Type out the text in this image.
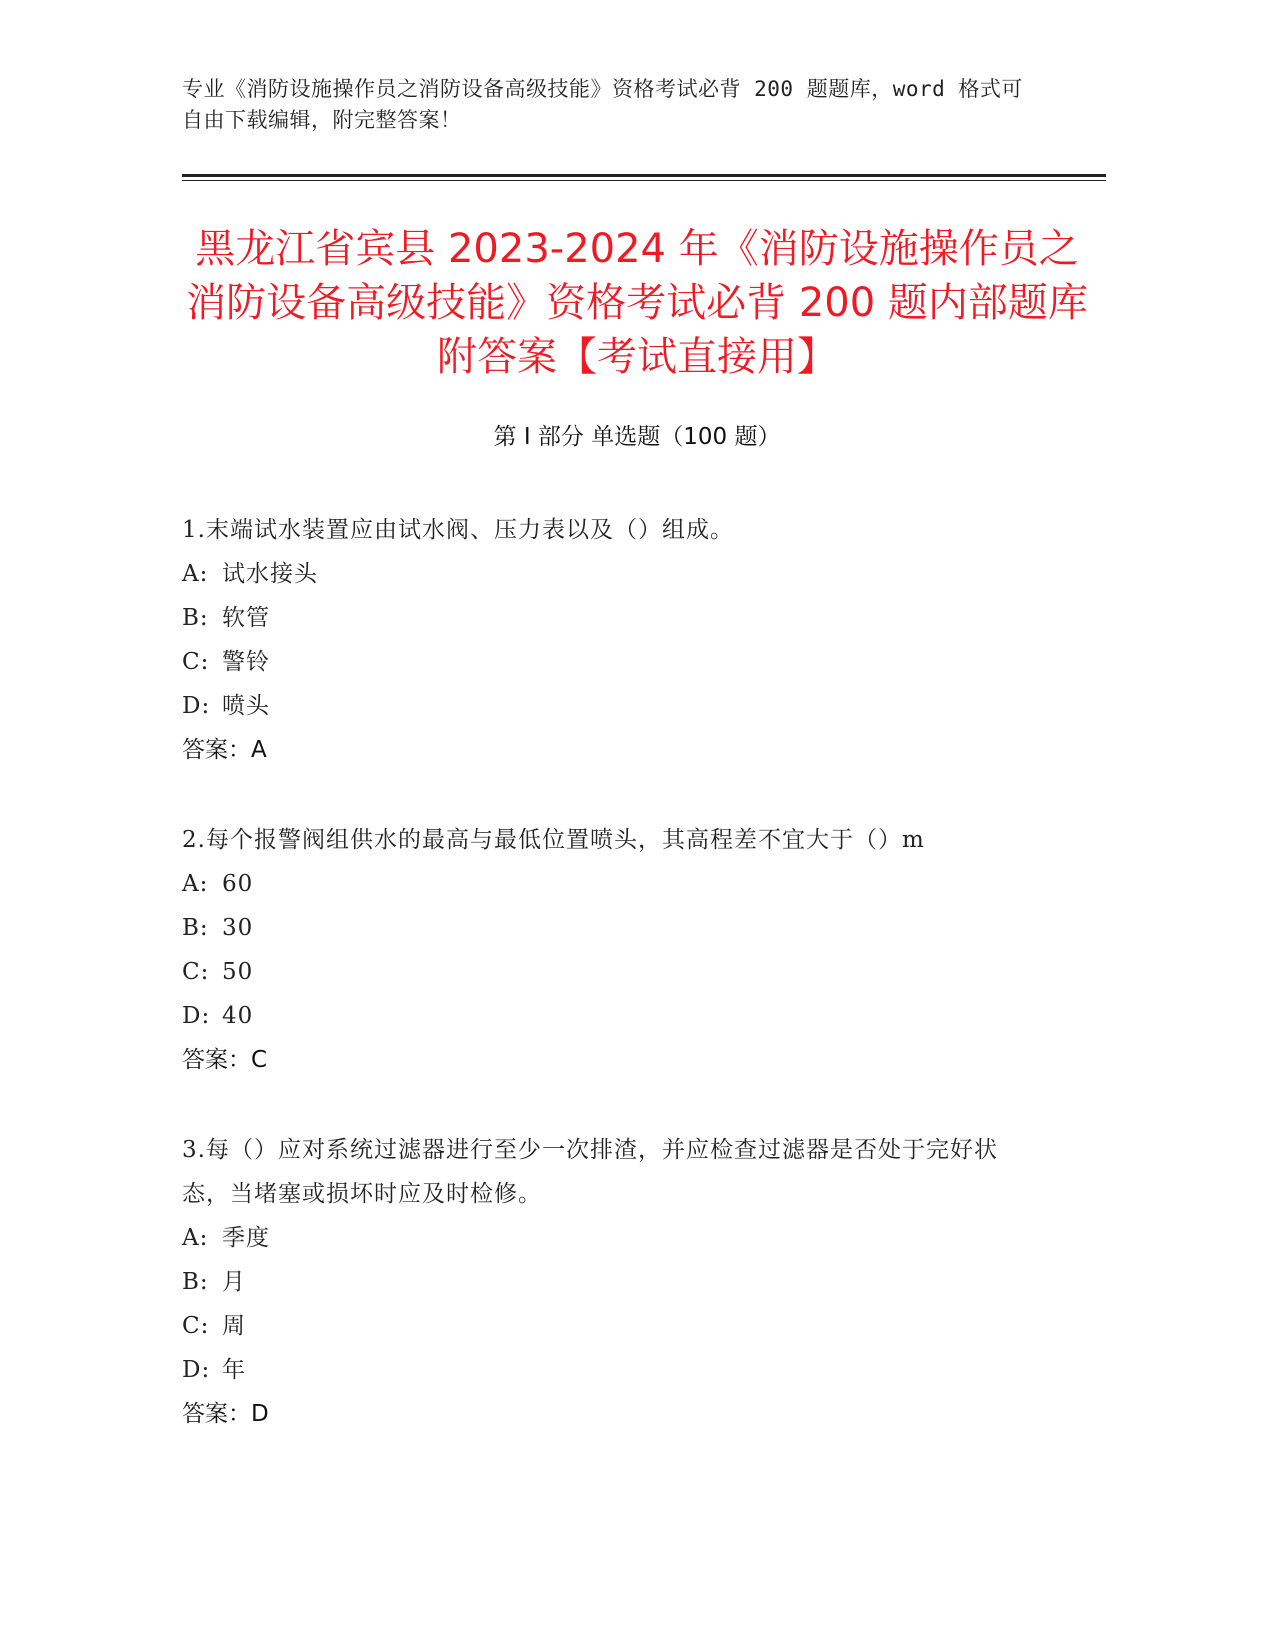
专业《消防设施操作员之消防设备高级技能》资格考试必背 200 题题库，word 格式可自由下载编辑，附完整答案！
黑龙江省宾县 2023-2024 年《消防设施操作员之消防设备高级技能》资格考试必背 200 题内部题库附答案【考试直接用】
第 I 部分 单选题（100 题）
1.末端试水装置应由试水阀、压力表以及（）组成。
A: 试水接头
B: 软管
C: 警铃
D: 喷头
答案：A
2.每个报警阀组供水的最高与最低位置喷头，其高程差不宜大于（）m
A: 60
B: 30
C: 50
D: 40
答案：C
3.每（）应对系统过滤器进行至少一次排渣，并应检查过滤器是否处于完好状态，当堵塞或损坏时应及时检修。
A: 季度
B: 月
C: 周
D: 年
答案：D
